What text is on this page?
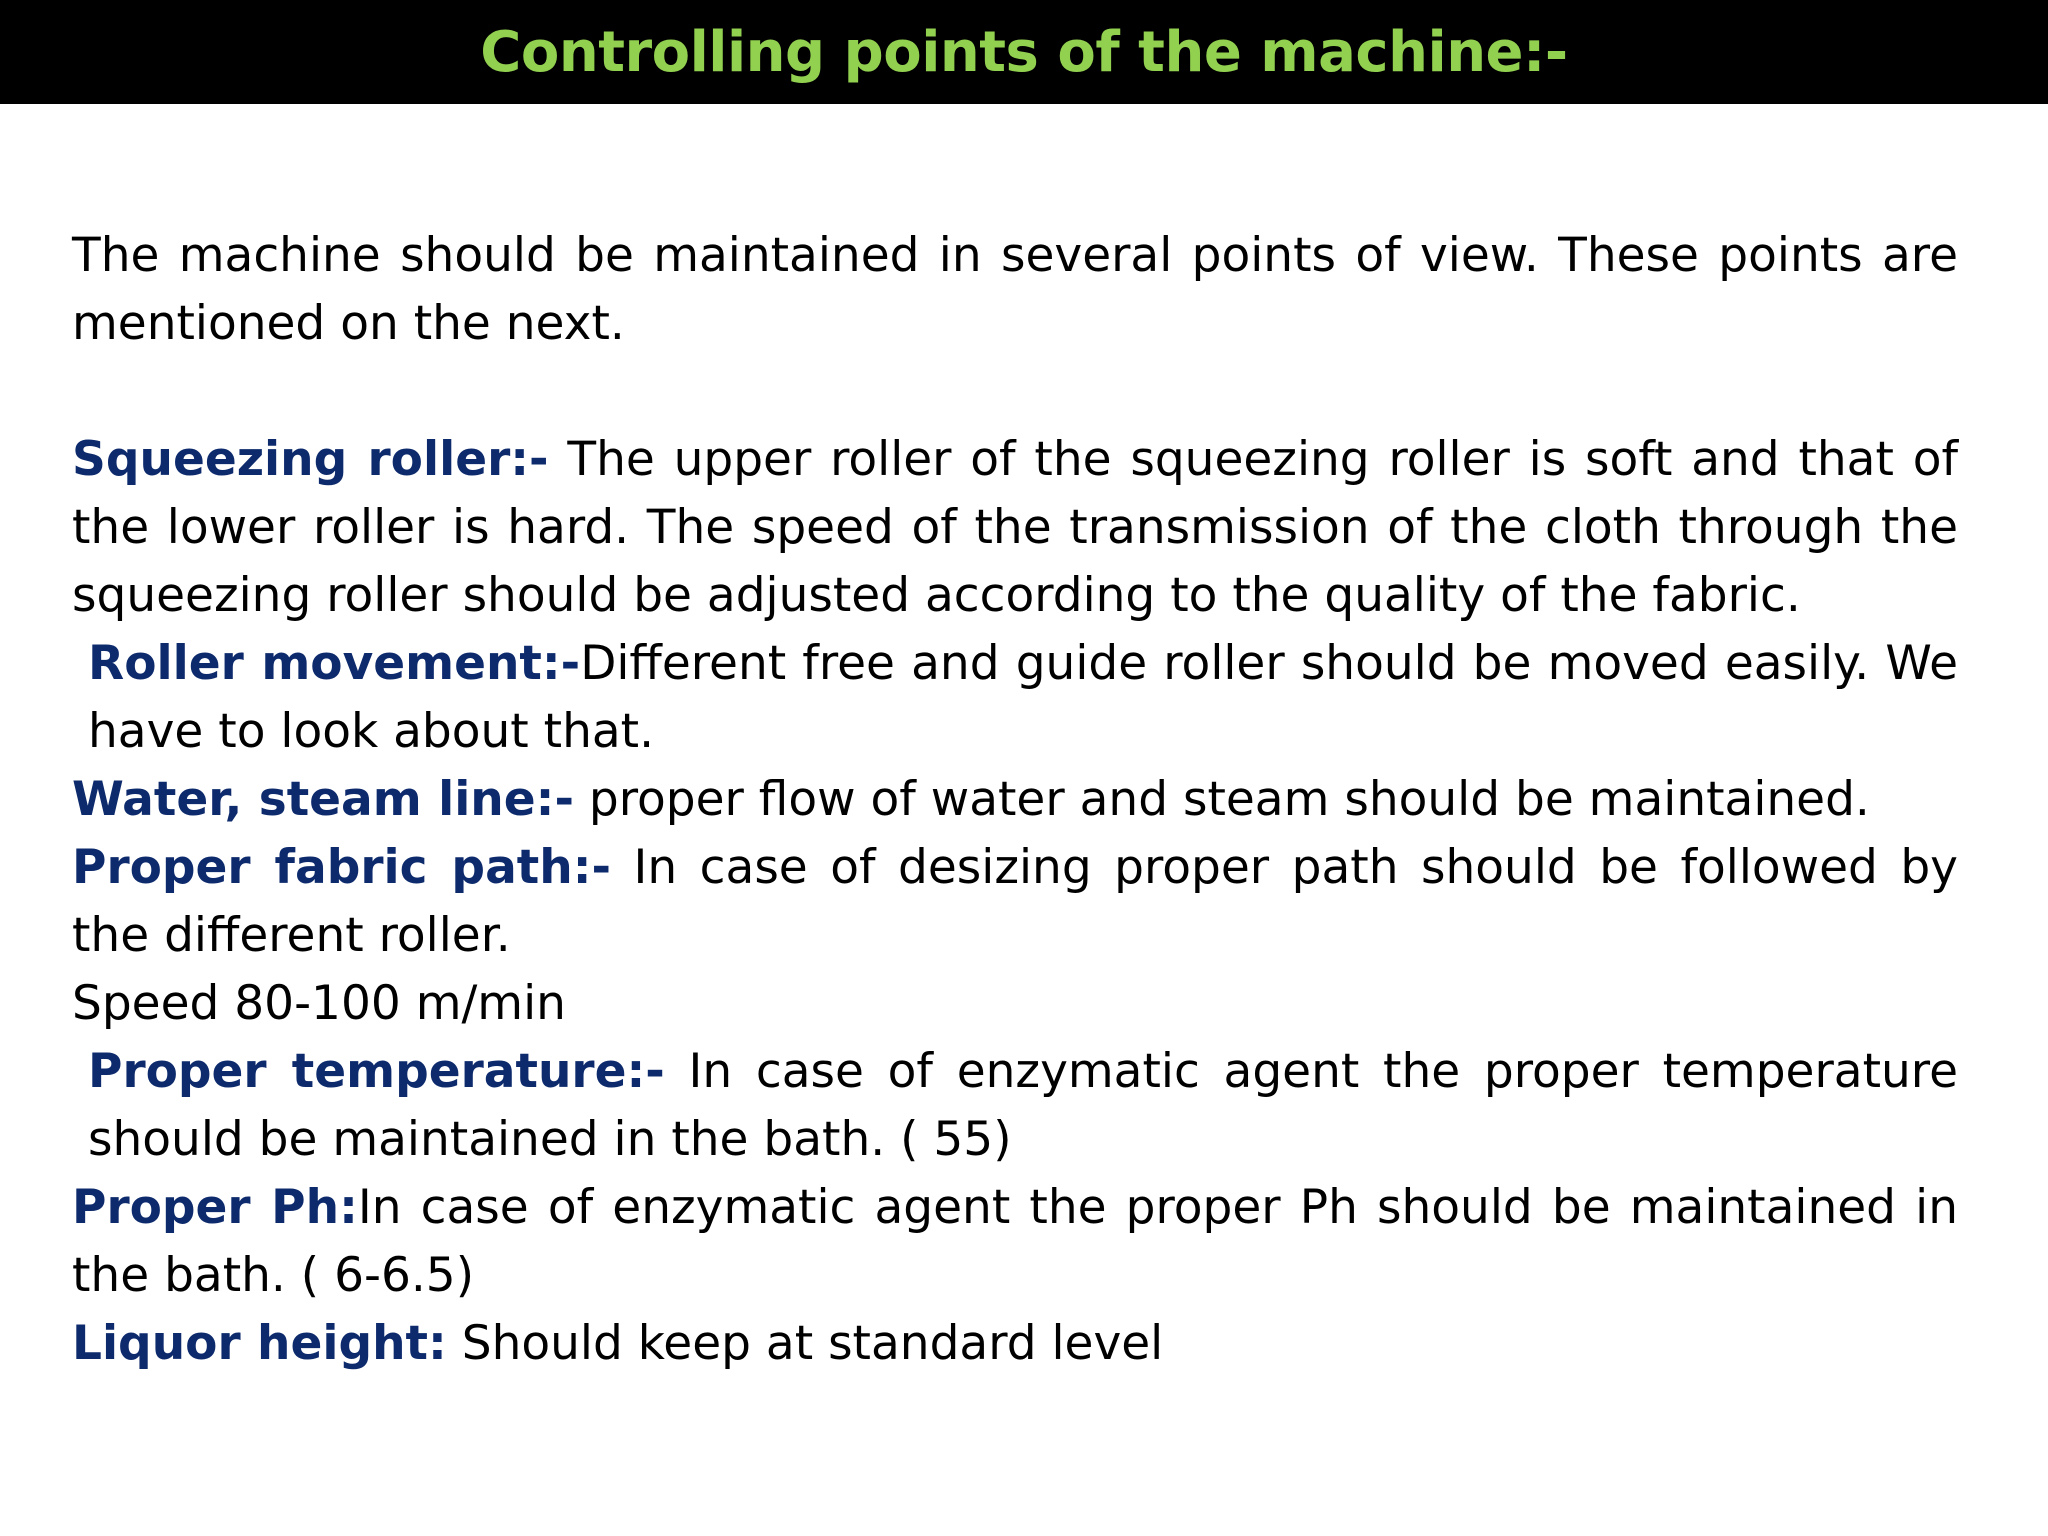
Controlling points of the machine:-

The machine should be maintained in several points of view. These points are mentioned on the next.

Squeezing roller:- The upper roller of the squeezing roller is soft and that of the lower roller is hard. The speed of the transmission of the cloth through the squeezing roller should be adjusted according to the quality of the fabric.

Roller movement:-Different free and guide roller should be moved easily. We have to look about that.

Water, steam line:- proper flow of water and steam should be maintained.

Proper fabric path:- In case of desizing proper path should be followed by the different roller.

Speed 80-100 m/min

Proper temperature:- In case of enzymatic agent the proper temperature should be maintained in the bath. ( 55)

Proper Ph:In case of enzymatic agent the proper Ph should be maintained in the bath. ( 6-6.5)

Liquor height: Should keep at standard level
